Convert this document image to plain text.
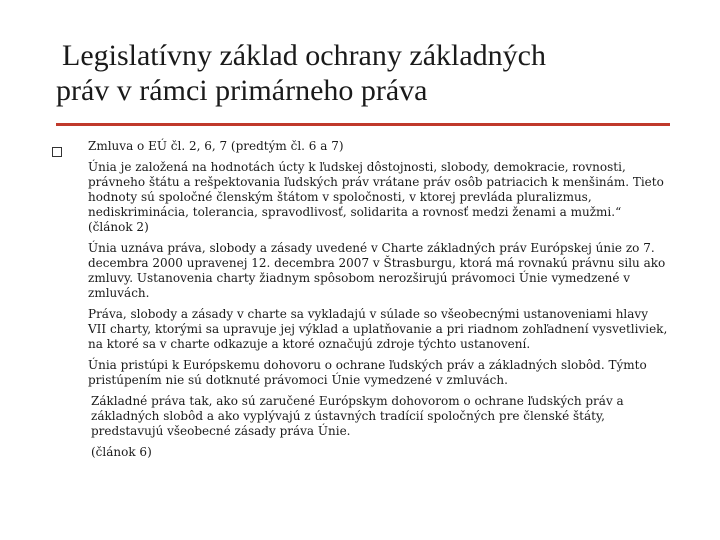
Legislatívny základ ochrany základných
práv v rámci primárneho práva

Zmluva o EÚ čl. 2, 6, 7 (predtým čl. 6 a 7)

Únia je založená na hodnotách úcty k ľudskej dôstojnosti, slobody, demokracie, rovnosti, právneho štátu a rešpektovania ľudských práv vrátane práv osôb patriacich k menšinám. Tieto hodnoty sú spoločné členským štátom v spoločnosti, v ktorej prevláda pluralizmus, nediskriminácia, tolerancia, spravodlivosť, solidarita a rovnosť medzi ženami a mužmi.“ (článok 2)

Únia uznáva práva, slobody a zásady uvedené v Charte základných práv Európskej únie zo 7. decembra 2000 upravenej 12. decembra 2007 v Štrasburgu, ktorá má rovnakú právnu silu ako zmluvy. Ustanovenia charty žiadnym spôsobom nerozširujú právomoci Únie vymedzené v zmluvách.

Práva, slobody a zásady v charte sa vykladajú v súlade so všeobecnými ustanoveniami hlavy VII charty, ktorými sa upravuje jej výklad a uplatňovanie a pri riadnom zohľadnení vysvetliviek, na ktoré sa v charte odkazuje a ktoré označujú zdroje týchto ustanovení.

Únia pristúpi k Európskemu dohovoru o ochrane ľudských práv a základných slobôd. Týmto pristúpením nie sú dotknuté právomoci Únie vymedzené v zmluvách.

Základné práva tak, ako sú zaručené Európskym dohovorom o ochrane ľudských práv a základných slobôd a ako vyplývajú z ústavných tradícií spoločných pre členské štáty, predstavujú všeobecné zásady práva Únie.

(článok 6)
